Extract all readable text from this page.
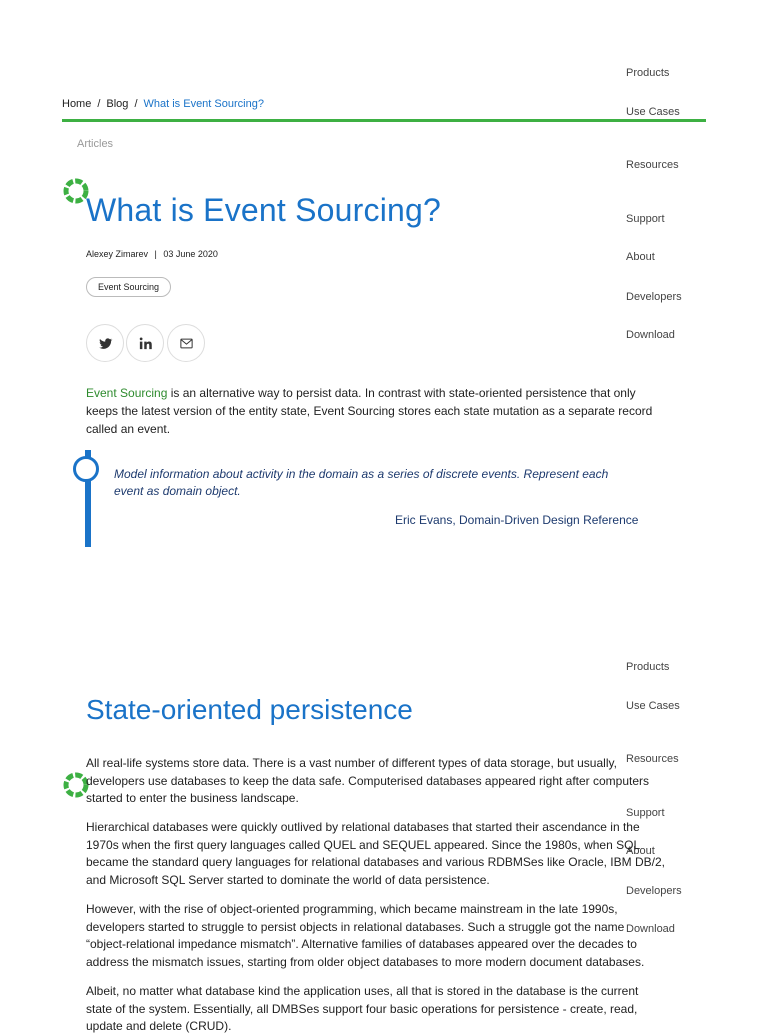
Products
Use Cases
Resources
Support
About
Developers
Download
Home / Blog / What is Event Sourcing?
Articles
What is Event Sourcing?
Alexey Zimarev | 03 June 2020
Event Sourcing

Event Sourcing is an alternative way to persist data. In contrast with state-oriented persistence that only keeps the latest version of the entity state, Event Sourcing stores each state mutation as a separate record called an event.

Model information about activity in the domain as a series of discrete events. Represent each event as domain object.

Eric Evans, Domain-Driven Design Reference
Products
Use Cases
Resources
Support
About
Developers
Download
State-oriented persistence

All real-life systems store data. There is a vast number of different types of data storage, but usually, developers use databases to keep the data safe. Computerised databases appeared right after computers started to enter the business landscape.

Hierarchical databases were quickly outlived by relational databases that started their ascendance in the 1970s when the first query languages called QUEL and SEQUEL appeared. Since the 1980s, when SQL became the standard query languages for relational databases and various RDBMSes like Oracle, IBM DB/2, and Microsoft SQL Server started to dominate the world of data persistence.

However, with the rise of object-oriented programming, which became mainstream in the late 1990s, developers started to struggle to persist objects in relational databases. Such a struggle got the name “object-relational impedance mismatch”. Alternative families of databases appeared over the decades to address the mismatch issues, starting from older object databases to more modern document databases.

Albeit, no matter what database kind the application uses, all that is stored in the database is the current state of the system. Essentially, all DMBSes support four basic operations for persistence - create, read, update and delete (CRUD).
